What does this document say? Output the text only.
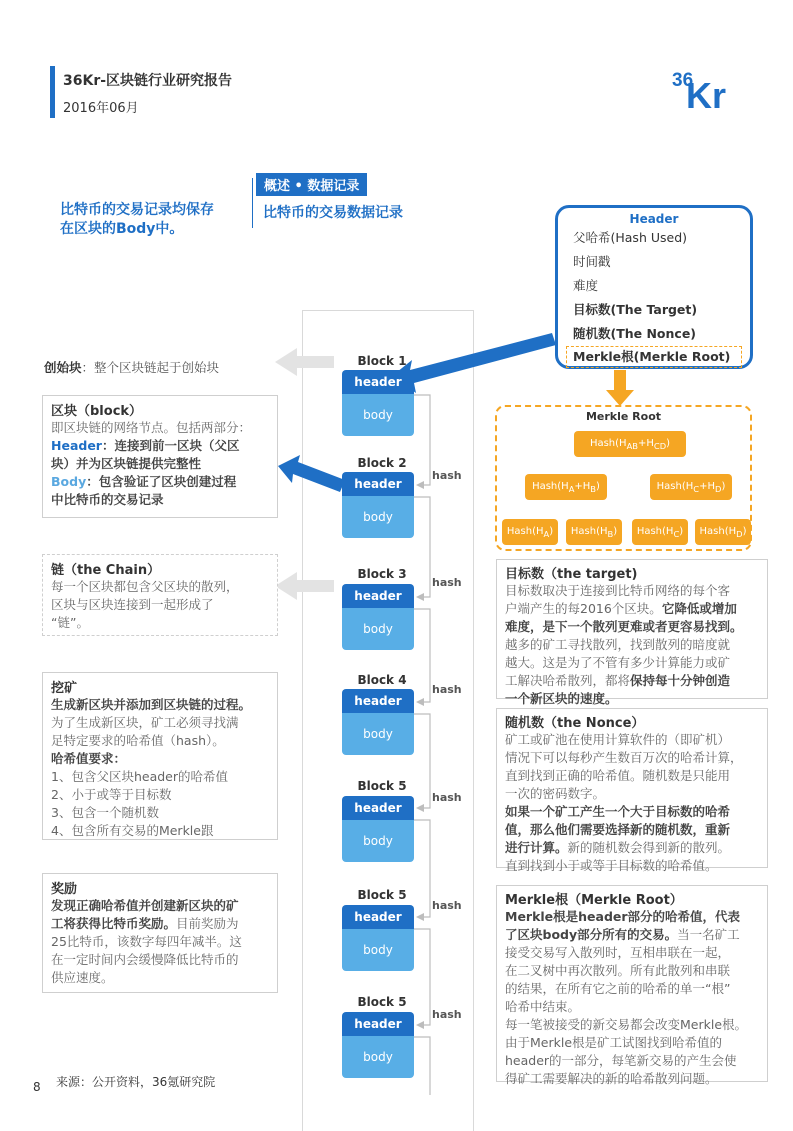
36Kr-区块链行业研究报告
2016年06月
36
Kr
比特币的交易记录均保存
在区块的Body中。
概述 • 数据记录
比特币的交易数据记录
Block 1
header
body
Block 2
header
body
hash
Block 3
header
body
hash
Block 4
header
body
hash
Block 5
header
body
hash
Block 5
header
body
hash
Block 5
header
body
hash
创始块：整个区块链起于创始块
区块（block）
即区块链的网络节点。包括两部分：
Header：连接到前一区块（父区
块）并为区块链提供完整性
Body：包含验证了区块创建过程
中比特币的交易记录
链（the Chain）
每一个区块都包含父区块的散列，
区块与区块连接到一起形成了
“链”。
挖矿
生成新区块并添加到区块链的过程。
为了生成新区块，矿工必须寻找满
足特定要求的哈希值（hash）。
哈希值要求：
1、包含父区块header的哈希值
2、小于或等于目标数
3、包含一个随机数
4、包含所有交易的Merkle跟
奖励
发现正确哈希值并创建新区块的矿
工将获得比特币奖励。目前奖励为
25比特币，该数字每四年减半。这
在一定时间内会缓慢降低比特币的
供应速度。
Header
父哈希(Hash Used)
时间戳
难度
目标数(The Target)
随机数(The Nonce)
Merkle根(Merkle Root)
Merkle Root
$Hash(H_{AB}+H_{CD})$
$Hash(H_A+H_B)$	$Hash(H_C+H_D)$
$Hash(H_A)$	$Hash(H_B)$	$Hash(H_C)$	$Hash(H_D)$
目标数（the target)
目标数取决于连接到比特币网络的每个客
户端产生的每2016个区块。它降低或增加
难度，是下一个散列更难或者更容易找到。
越多的矿工寻找散列，找到散列的暗度就
越大。这是为了不管有多少计算能力或矿
工解决哈希散列，都将保持每十分钟创造
一个新区块的速度。
随机数（the Nonce）
矿工或矿池在使用计算软件的（即矿机）
情况下可以每秒产生数百万次的哈希计算，
直到找到正确的哈希值。随机数是只能用
一次的密码数字。
如果一个矿工产生一个大于目标数的哈希
值，那么他们需要选择新的随机数，重新
进行计算。新的随机数会得到新的散列。
直到找到小于或等于目标数的哈希值。
Merkle根（Merkle Root）
Merkle根是header部分的哈希值，代表
了区块body部分所有的交易。当一名矿工
接受交易写入散列时，互相串联在一起，
在二叉树中再次散列。所有此散列和串联
的结果，在所有它之前的哈希的单一“根”
哈希中结束。
每一笔被接受的新交易都会改变Merkle根。
由于Merkle根是矿工试图找到哈希值的
header的一部分，每笔新交易的产生会使
得矿工需要解决的新的哈希散列问题。
8 来源：公开资料，36氪研究院
